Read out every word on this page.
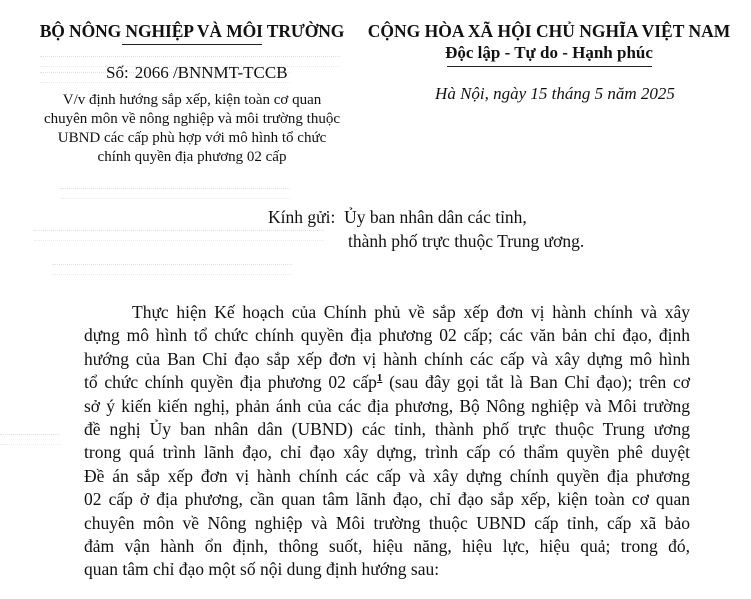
BỘ NÔNG NGHIỆP VÀ MÔI TRƯỜNG
Số: 2066 /BNNMT-TCCB
V/v định hướng sắp xếp, kiện toàn cơ quan
chuyên môn về nông nghiệp và môi trường thuộc
UBND các cấp phù hợp với mô hình tổ chức
chính quyền địa phương 02 cấp
CỘNG HÒA XÃ HỘI CHỦ NGHĨA VIỆT NAM
Độc lập - Tự do - Hạnh phúc
Hà Nội, ngày 15 tháng 5 năm 2025
Kính gửi: Ủy ban nhân dân các tỉnh,
thành phố trực thuộc Trung ương.
Thực hiện Kế hoạch của Chính phủ về sắp xếp đơn vị hành chính và xây
dựng mô hình tổ chức chính quyền địa phương 02 cấp; các văn bản chỉ đạo, định
hướng của Ban Chỉ đạo sắp xếp đơn vị hành chính các cấp và xây dựng mô hình
tổ chức chính quyền địa phương 02 cấp$^1$ (sau đây gọi tắt là Ban Chỉ đạo); trên cơ
sở ý kiến kiến nghị, phản ánh của các địa phương, Bộ Nông nghiệp và Môi trường
đề nghị Ủy ban nhân dân (UBND) các tỉnh, thành phố trực thuộc Trung ương
trong quá trình lãnh đạo, chỉ đạo xây dựng, trình cấp có thẩm quyền phê duyệt
Đề án sắp xếp đơn vị hành chính các cấp và xây dựng chính quyền địa phương
02 cấp ở địa phương, cần quan tâm lãnh đạo, chỉ đạo sắp xếp, kiện toàn cơ quan
chuyên môn về Nông nghiệp và Môi trường thuộc UBND cấp tỉnh, cấp xã bảo
đảm vận hành ổn định, thông suốt, hiệu năng, hiệu lực, hiệu quả; trong đó,
quan tâm chỉ đạo một số nội dung định hướng sau:
